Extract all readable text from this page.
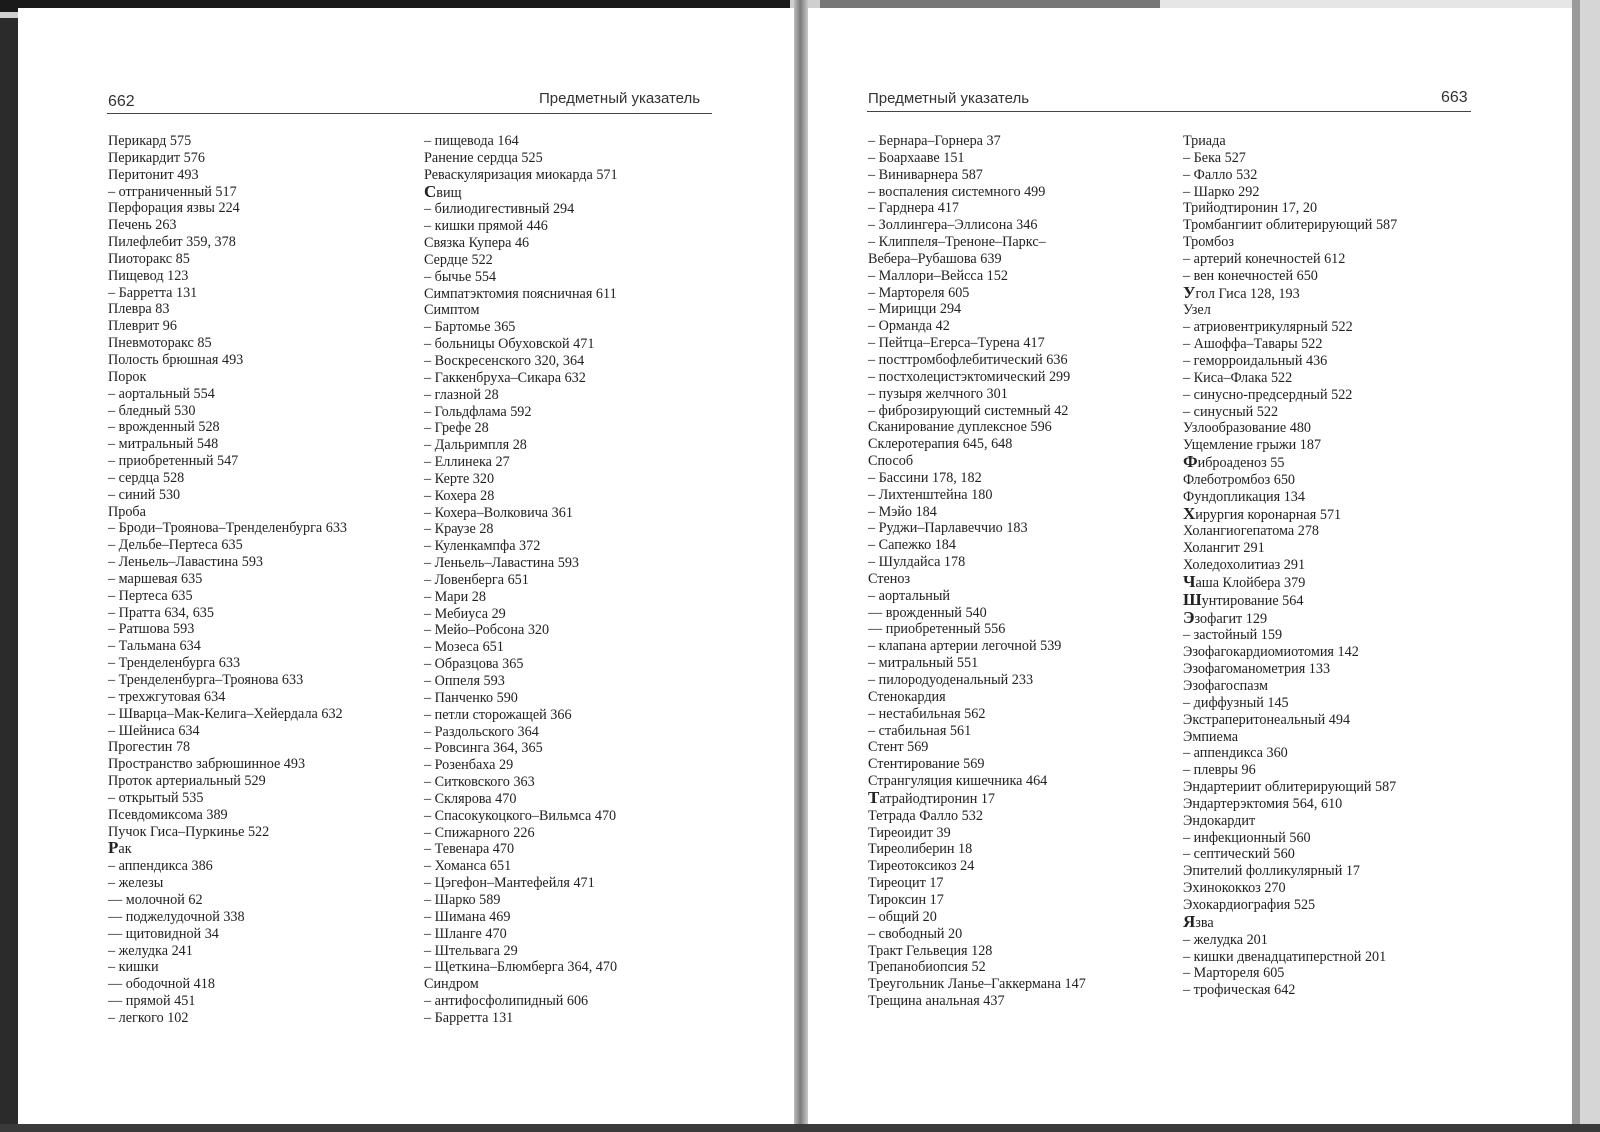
662	Предметный указатель	Предметный указатель	663
Перикард 575
Перикардит 576
Перитонит 493
– отграниченный 517
Перфорация язвы 224
Печень 263
Пилефлебит 359, 378
Пиоторакс 85
Пищевод 123
– Барретта 131
Плевра 83
Плеврит 96
Пневмоторакс 85
Полость брюшная 493
Порок
– аортальный 554
– бледный 530
– врожденный 528
– митральный 548
– приобретенный 547
– сердца 528
– синий 530
Проба
– Броди–Троянова–Тренделенбурга 633
– Дельбе–Пертеса 635
– Леньель–Лавастина 593
– маршевая 635
– Пертеса 635
– Пратта 634, 635
– Ратшова 593
– Тальмана 634
– Тренделенбурга 633
– Тренделенбурга–Троянова 633
– трехжгутовая 634
– Шварца–Мак-Келига–Хейердала 632
– Шейниса 634
Прогестин 78
Пространство забрюшинное 493
Проток артериальный 529
– открытый 535
Псевдомиксома 389
Пучок Гиса–Пуркинье 522
Рак
– аппендикса 386
– железы
–– молочной 62
–– поджелудочной 338
–– щитовидной 34
– желудка 241
– кишки
–– ободочной 418
–– прямой 451
– легкого 102
– пищевода 164
Ранение сердца 525
Реваскуляризация миокарда 571
Свищ
– билиодигестивный 294
– кишки прямой 446
Связка Купера 46
Сердце 522
– бычье 554
Симпатэктомия поясничная 611
Симптом
– Бартомье 365
– больницы Обуховской 471
– Воскресенского 320, 364
– Гаккенбруха–Сикара 632
– глазной 28
– Гольдфлама 592
– Грефе 28
– Дальримпля 28
– Еллинека 27
– Керте 320
– Кохера 28
– Кохера–Волковича 361
– Краузе 28
– Куленкампфа 372
– Леньель–Лавастина 593
– Ловенберга 651
– Мари 28
– Мебиуса 29
– Мейо–Робсона 320
– Мозеса 651
– Образцова 365
– Оппеля 593
– Панченко 590
– петли сторожащей 366
– Раздольского 364
– Ровсинга 364, 365
– Розенбаха 29
– Ситковского 363
– Склярова 470
– Спасокукоцкого–Вильмса 470
– Спижарного 226
– Тевенара 470
– Хоманса 651
– Цэгефон–Мантефейля 471
– Шарко 589
– Шимана 469
– Шланге 470
– Штельвага 29
– Щеткина–Блюмберга 364, 470
Синдром
– антифосфолипидный 606
– Барретта 131
– Бернара–Горнера 37
– Боархааве 151
– Виниварнера 587
– воспаления системного 499
– Гарднера 417
– Золлингера–Эллисона 346
– Клиппеля–Треноне–Паркс–
Вебера–Рубашова 639
– Маллори–Вейсса 152
– Мартореля 605
– Мирицци 294
– Орманда 42
– Пейтца–Егерса–Турена 417
– посттромбофлебитический 636
– постхолецистэктомический 299
– пузыря желчного 301
– фиброзирующий системный 42
Сканирование дуплексное 596
Склеротерапия 645, 648
Способ
– Бассини 178, 182
– Лихтенштейна 180
– Мэйо 184
– Руджи–Парлавеччио 183
– Сапежко 184
– Шулдайса 178
Стеноз
– аортальный
–– врожденный 540
–– приобретенный 556
– клапана артерии легочной 539
– митральный 551
– пилородуоденальный 233
Стенокардия
– нестабильная 562
– стабильная 561
Стент 569
Стентирование 569
Странгуляция кишечника 464
Татрайодтиронин 17
Тетрада Фалло 532
Тиреоидит 39
Тиреолиберин 18
Тиреотоксикоз 24
Тиреоцит 17
Тироксин 17
– общий 20
– свободный 20
Тракт Гельвеция 128
Трепанобиопсия 52
Треугольник Ланье–Гаккермана 147
Трещина анальная 437
Триада
– Бека 527
– Фалло 532
– Шарко 292
Трийодтиронин 17, 20
Тромбангиит облитерирующий 587
Тромбоз
– артерий конечностей 612
– вен конечностей 650
Угол Гиса 128, 193
Узел
– атриовентрикулярный 522
– Ашоффа–Тавары 522
– геморроидальный 436
– Киса–Флака 522
– синусно-предсердный 522
– синусный 522
Узлообразование 480
Ущемление грыжи 187
Фиброаденоз 55
Флеботромбоз 650
Фундопликация 134
Хирургия коронарная 571
Холангиогепатома 278
Холангит 291
Холедохолитиаз 291
Чаша Клойбера 379
Шунтирование 564
Эзофагит 129
– застойный 159
Эзофагокардиомиотомия 142
Эзофагоманометрия 133
Эзофагоспазм
– диффузный 145
Экстраперитонеальный 494
Эмпиема
– аппендикса 360
– плевры 96
Эндартериит облитерирующий 587
Эндартерэктомия 564, 610
Эндокардит
– инфекционный 560
– септический 560
Эпителий фолликулярный 17
Эхинококкоз 270
Эхокардиография 525
Язва
– желудка 201
– кишки двенадцатиперстной 201
– Мартореля 605
– трофическая 642
